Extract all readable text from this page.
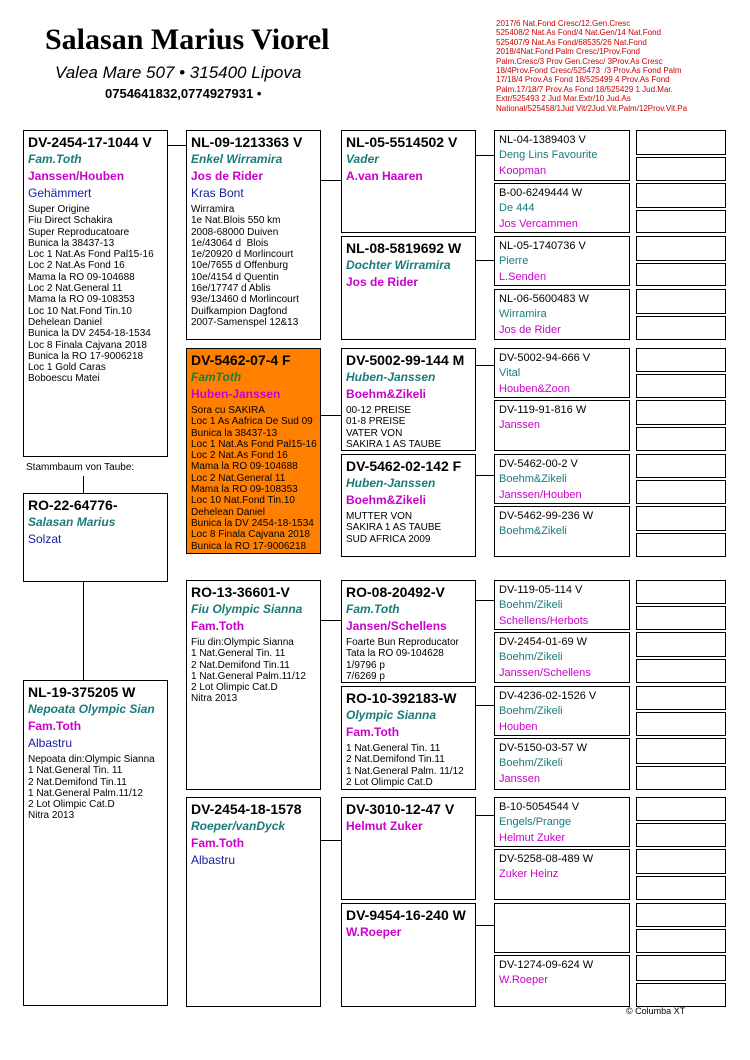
Salasan Marius Viorel
Valea Mare 507 • 315400 Lipova
0754641832,0774927931 •
2017/6 Nat.Fond Cresc/12.Gen.Cresc
525408/2 Nat.As Fond/4 Nat.Gen/14 Nat.Fond
525407/9 Nat.As Fond/68535/26 Nat.Fond
2018/4Nat.Fond Palm Cresc/1Prov.Fond
Palm.Cresc/3 Prov Gen.Cresc/ 3Prov.As Cresc
18/4Prov.Fond Cresc/525473  /3 Prov.As Fond Palm
17/18/4 Prov.As Fond 18/525499 4 Prov.As Fond
Palm.17/18/7 Prov.As Fond 18/525429 1 Jud.Mar.
Extr/525493 2 Jud Mar.Extr/10 Jud.As
National/525458/1Jud Vit/2Jud.Vit.Palm/12Prov.Vit.Pa
DV-2454-17-1044 V
Fam.Toth
Janssen/Houben
Gehämmert
Super Origine
Fiu Direct Schakira
Super Reproducatoare
Bunica la 38437-13
Loc 1 Nat.As Fond Pal15-16
Loc 2 Nat.As Fond 16
Mama la RO 09-104688
Loc 2 Nat.General 11
Mama la RO 09-108353
Loc 10 Nat.Fond Tin.10
Dehelean Daniel
Bunica la DV 2454-18-1534
Loc 8 Finala Cajvana 2018
Bunica la RO 17-9006218
Loc 1 Gold Caras
Boboescu Matei
Stammbaum von Taube:
RO-22-64776-
Salasan Marius
Solzat
NL-19-375205 W
Nepoata Olympic Sian
Fam.Toth
Albastru
Nepoata din:Olympic Sianna
1 Nat.General Tin. 11
2 Nat.Demifond Tin.11
1 Nat.General Palm.11/12
2 Lot Olimpic Cat.D
Nitra 2013
NL-09-1213363 V
Enkel Wirramira
Jos de Rider
Kras Bont
Wirramira
1e Nat.Blois 550 km
2008-68000 Duiven
1e/43064 d  Blois
1e/20920 d Morlincourt
10e/7655 d Offenburg
10e/4154 d Quentin
16e/17747 d Ablis
93e/13460 d Morlincourt
Duifkampion Dagfond
2007-Samenspel 12&13
DV-5462-07-4 F
FamToth
Huben-Janssen
Sora cu SAKIRA
Loc 1 As Aafrica De Sud 09
Bunica la 38437-13
Loc 1 Nat.As Fond Pal15-16
Loc 2 Nat.As Fond 16
Mama la RO 09-104688
Loc 2 Nat.General 11
Mama la RO 09-108353
Loc 10 Nat.Fond Tin.10
Dehelean Daniel
Bunica la DV 2454-18-1534
Loc 8 Finala Cajvana 2018
Bunica la RO 17-9006218
RO-13-36601-V
Fiu Olympic Sianna
Fam.Toth
Fiu din:Olympic Sianna
1 Nat.General Tin. 11
2 Nat.Demifond Tin.11
1 Nat.General Palm.11/12
2 Lot Olimpic Cat.D
Nitra 2013
DV-2454-18-1578
Roeper/vanDyck
Fam.Toth
Albastru
NL-05-5514502 V
Vader
A.van Haaren
NL-08-5819692 W
Dochter Wirramira
Jos de Rider
DV-5002-99-144 M
Huben-Janssen
Boehm&Zikeli
00-12 PREISE
01-8 PREISE
VATER VON
SAKIRA 1 AS TAUBE
DV-5462-02-142 F
Huben-Janssen
Boehm&Zikeli
MUTTER VON
SAKIRA 1 AS TAUBE
SUD AFRICA 2009
RO-08-20492-V
Fam.Toth
Jansen/Schellens
Foarte Bun Reproducator
Tata la RO 09-104628
1/9796 p
7/6269 p
RO-10-392183-W
Olympic Sianna
Fam.Toth
1 Nat.General Tin. 11
2 Nat.Demifond Tin.11
1 Nat.General Palm. 11/12
2 Lot Olimpic Cat.D
DV-3010-12-47 V
Helmut Zuker
DV-9454-16-240 W
W.Roeper
NL-04-1389403 V
Deng Lins Favourite
Koopman
B-00-6249444 W
De 444
Jos Vercammen
NL-05-1740736 V
Pierre
L.Senden
NL-06-5600483 W
Wirramira
Jos de Rider
DV-5002-94-666 V
Vital
Houben&Zoon
DV-119-91-816 W
Janssen
DV-5462-00-2 V
Boehm&Zikeli
Janssen/Houben
DV-5462-99-236 W
Boehm&Zikeli
DV-119-05-114 V
Boehm/Zikeli
Schellens/Herbots
DV-2454-01-69 W
Boehm/Zikeli
Janssen/Schellens
DV-4236-02-1526 V
Boehm/Zikeli
Houben
DV-5150-03-57 W
Boehm/Zikeli
Janssen
B-10-5054544 V
Engels/Prange
Helmut Zuker
DV-5258-08-489 W
Zuker Heinz
DV-1274-09-624 W
W.Roeper
© Columba XT
